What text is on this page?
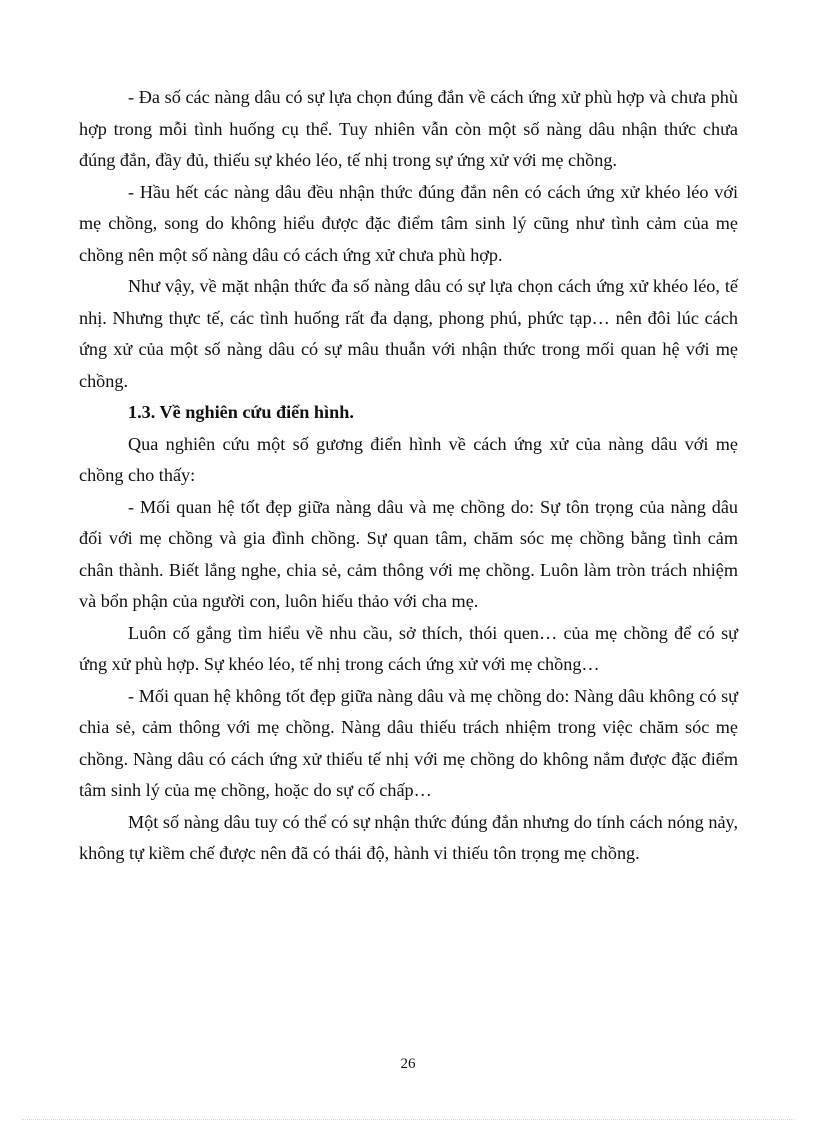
- Đa số các nàng dâu có sự lựa chọn đúng đắn về cách ứng xử phù hợp và chưa phù hợp trong mỗi tình huống cụ thể. Tuy nhiên vẫn còn một số nàng dâu nhận thức chưa đúng đắn, đầy đủ, thiếu sự khéo léo, tế nhị trong sự ứng xử với mẹ chồng.

- Hầu hết các nàng dâu đều nhận thức đúng đắn nên có cách ứng xử khéo léo với mẹ chồng, song do không hiểu được đặc điểm tâm sinh lý cũng như tình cảm của mẹ chồng nên một số nàng dâu có cách ứng xử chưa phù hợp.

Như vậy, về mặt nhận thức đa số nàng dâu có sự lựa chọn cách ứng xử khéo léo, tế nhị. Nhưng thực tế, các tình huống rất đa dạng, phong phú, phức tạp… nên đôi lúc cách ứng xử của một số nàng dâu có sự mâu thuẫn với nhận thức trong mối quan hệ với mẹ chồng.

1.3. Về nghiên cứu điển hình.

Qua nghiên cứu một số gương điển hình về cách ứng xử của nàng dâu với mẹ chồng cho thấy:

- Mối quan hệ tốt đẹp giữa nàng dâu và mẹ chồng do: Sự tôn trọng của nàng dâu đối với mẹ chồng và gia đình chồng. Sự quan tâm, chăm sóc mẹ chồng bằng tình cảm chân thành. Biết lắng nghe, chia sẻ, cảm thông với mẹ chồng. Luôn làm tròn trách nhiệm và bổn phận của người con, luôn hiếu thảo với cha mẹ.

Luôn cố gắng tìm hiểu về nhu cầu, sở thích, thói quen… của mẹ chồng để có sự ứng xử phù hợp. Sự khéo léo, tế nhị trong cách ứng xử với mẹ chồng…

- Mối quan hệ không tốt đẹp giữa nàng dâu và mẹ chồng do: Nàng dâu không có sự chia sẻ, cảm thông với mẹ chồng. Nàng dâu thiếu trách nhiệm trong việc chăm sóc mẹ chồng. Nàng dâu có cách ứng xử thiếu tế nhị với mẹ chồng do không nắm được đặc điểm tâm sinh lý của mẹ chồng, hoặc do sự cố chấp…

Một số nàng dâu tuy có thể có sự nhận thức đúng đắn nhưng do tính cách nóng nảy, không tự kiềm chế được nên đã có thái độ, hành vi thiếu tôn trọng mẹ chồng.

26
